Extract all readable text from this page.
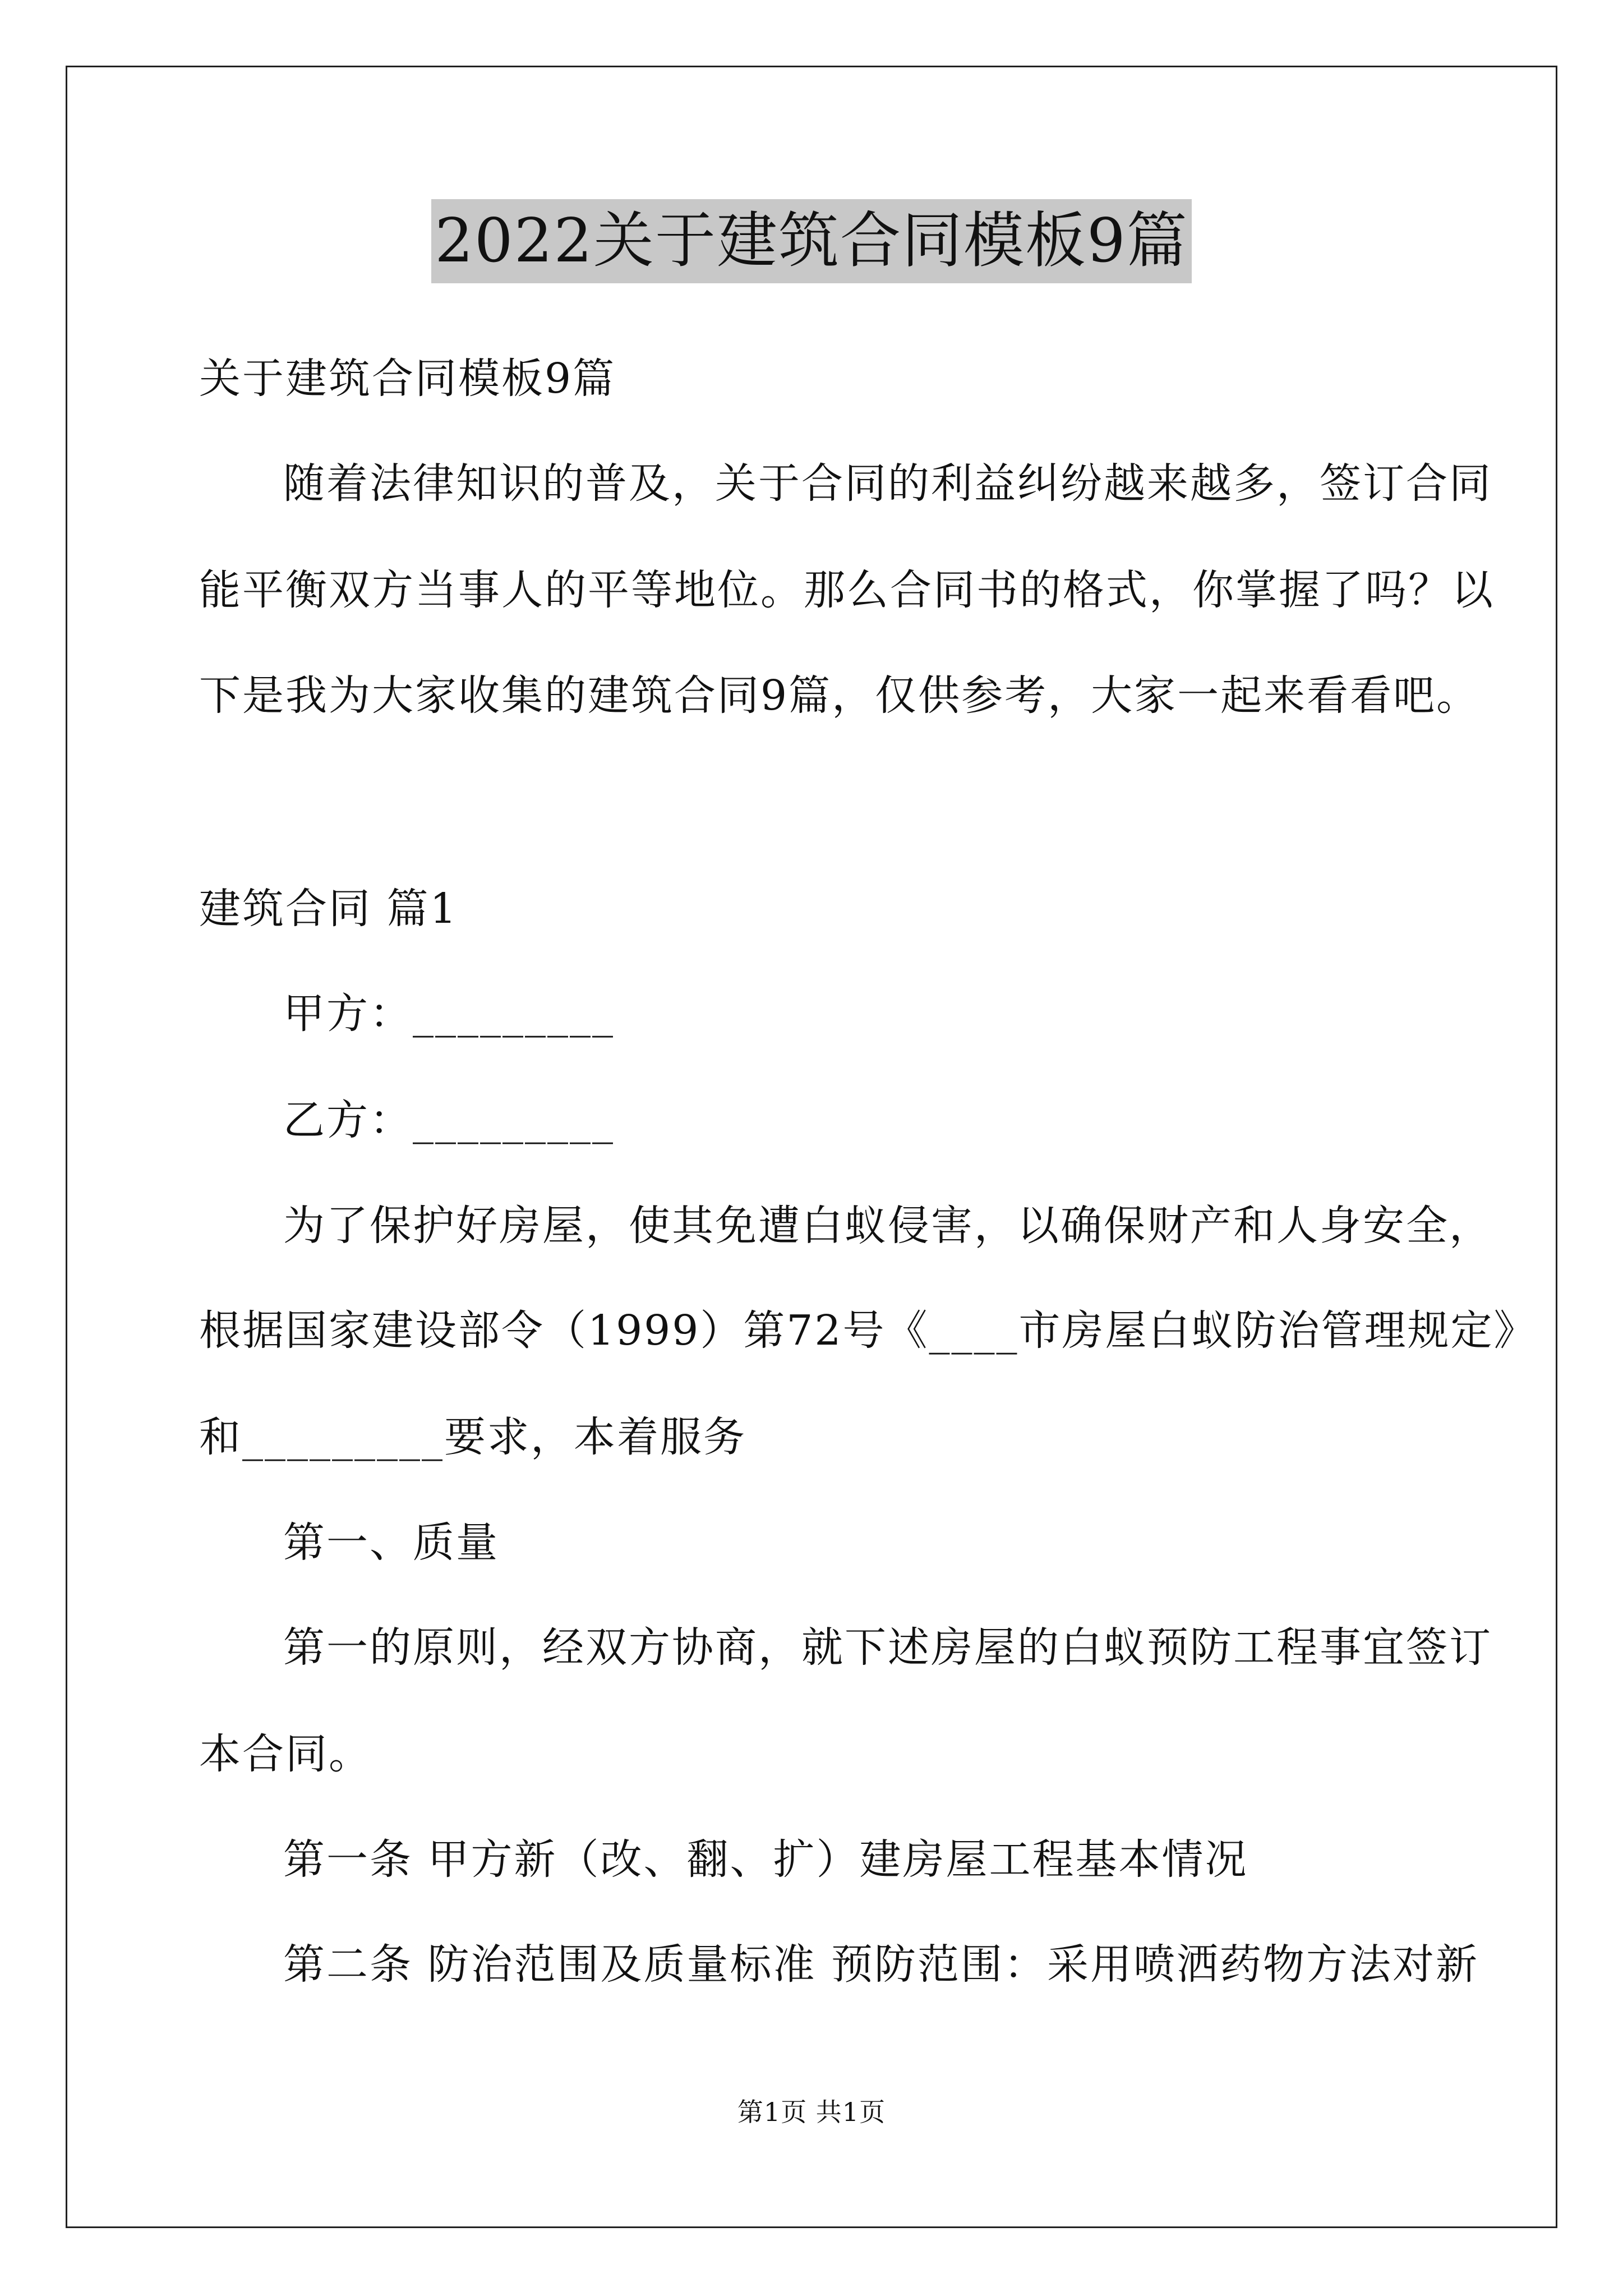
2022关于建筑合同模板9篇
关于建筑合同模板9篇
随着法律知识的普及，关于合同的利益纠纷越来越多，签订合同
能平衡双方当事人的平等地位。那么合同书的格式，你掌握了吗？以
下是我为大家收集的建筑合同9篇，仅供参考，大家一起来看看吧。
建筑合同 篇1
甲方：_________
乙方：_________
为了保护好房屋，使其免遭白蚁侵害，以确保财产和人身安全，
根据国家建设部令（1999）第72号《____市房屋白蚁防治管理规定》
和_________要求，本着服务
第一、质量
第一的原则，经双方协商，就下述房屋的白蚁预防工程事宜签订
本合同。
第一条 甲方新（改、翻、扩）建房屋工程基本情况
第二条 防治范围及质量标准 预防范围：采用喷洒药物方法对新
第1页 共1页
